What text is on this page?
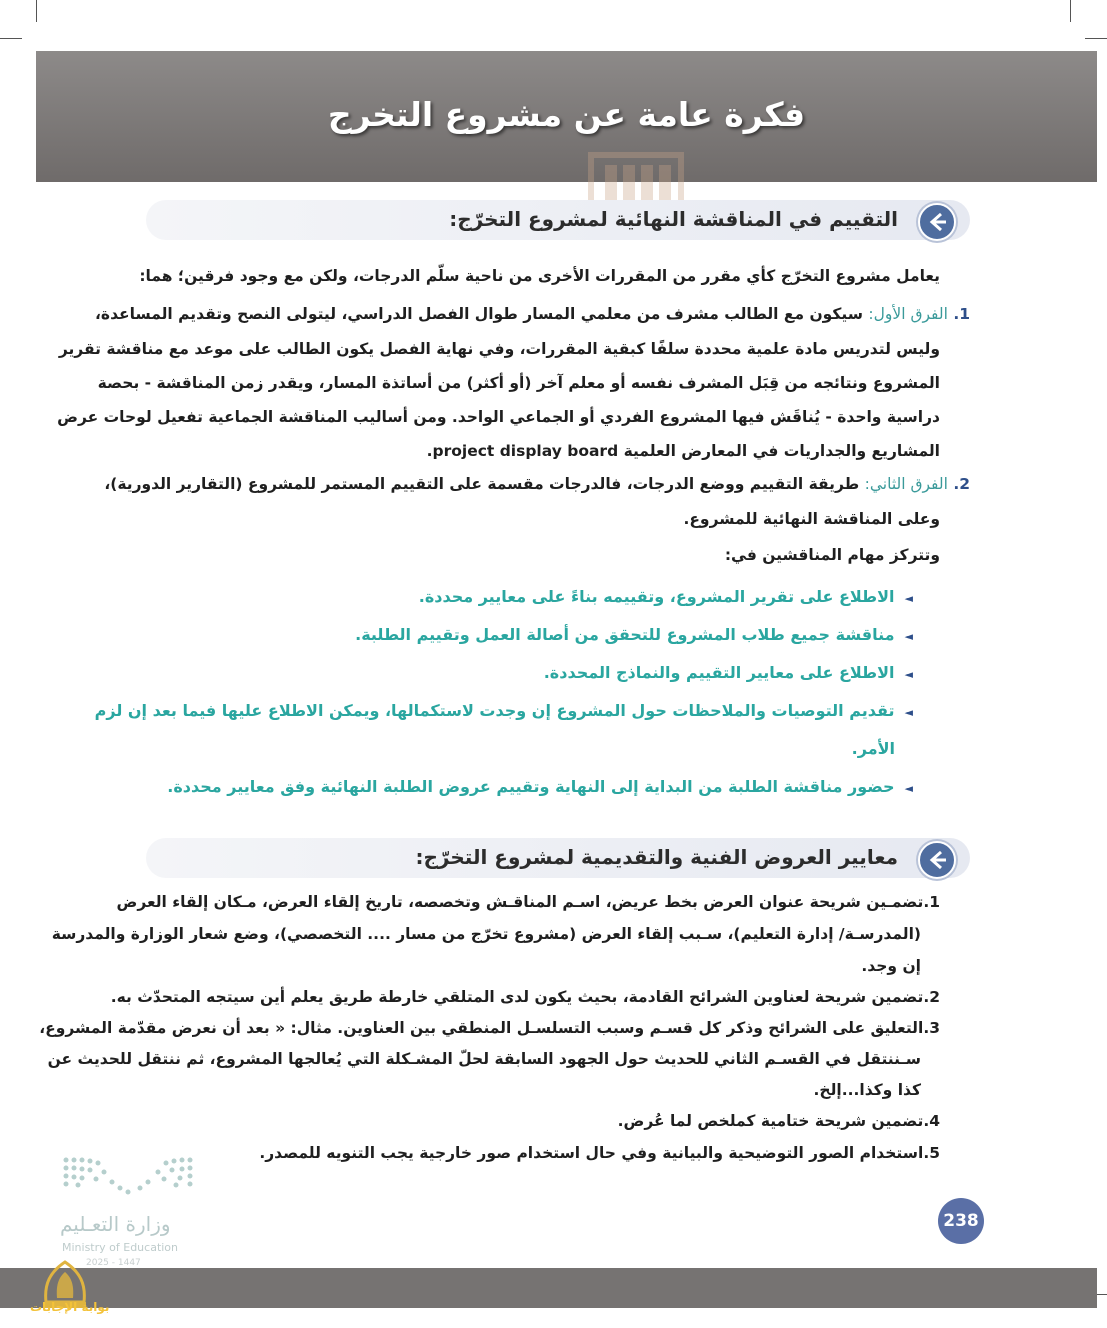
فكرة عامة عن مشروع التخرج
التقييم في المناقشة النهائية لمشروع التخرّج:
يعامل مشروع التخرّج كأي مقرر من المقررات الأخرى من ناحية سلّم الدرجات، ولكن مع وجود فرقين؛ هما:
1. الفرق الأول: سيكون مع الطالب مشرف من معلمي المسار طوال الفصل الدراسي، ليتولى النصح وتقديم المساعدة،
وليس لتدريس مادة علمية محددة سلفًا كبقية المقررات، وفي نهاية الفصل يكون الطالب على موعد مع مناقشة تقرير
المشروع ونتائجه من قِبَل المشرف نفسه أو معلم آخر (أو أكثر) من أساتذة المسار، ويقدر زمن المناقشة - بحصة
دراسية واحدة - يُناقَش فيها المشروع الفردي أو الجماعي الواحد. ومن أساليب المناقشة الجماعية تفعيل لوحات عرض
المشاريع والجداريات في المعارض العلمية project display board.
2. الفرق الثاني: طريقة التقييم ووضع الدرجات، فالدرجات مقسمة على التقييم المستمر للمشروع (التقارير الدورية)،
وعلى المناقشة النهائية للمشروع.
وتتركز مهام المناقشين في:
◄الاطلاع على تقرير المشروع، وتقييمه بناءً على معايير محددة.
◄مناقشة جميع طلاب المشروع للتحقق من أصالة العمل وتقييم الطلبة.
◄الاطلاع على معايير التقييم والنماذج المحددة.
◄تقديم التوصيات والملاحظات حول المشروع إن وجدت لاستكمالها، ويمكن الاطلاع عليها فيما بعد إن لزم
الأمر.
◄حضور مناقشة الطلبة من البداية إلى النهاية وتقييم عروض الطلبة النهائية وفق معايير محددة.
معايير العروض الفنية والتقديمية لمشروع التخرّج:
1.تضمـين شريحة عنوان العرض بخط عريض، اسـم المناقـش وتخصصه، تاريخ إلقاء العرض، مـكان إلقاء العرض
(المدرسـة/ إدارة التعليم)، سـبب إلقاء العرض (مشروع تخرّج من مسار .... التخصصي)، وضع شعار الوزارة والمدرسة
إن وجد.
2.تضمين شريحة لعناوين الشرائح القادمة، بحيث يكون لدى المتلقي خارطة طريق يعلم أين سيتجه المتحدّث به.
3.التعليق على الشرائح وذكر كل قسـم وسبب التسلسـل المنطقي بين العناوين. مثال: « بعد أن نعرض مقدّمة المشروع،
سـننتقل في القسـم الثاني للحديث حول الجهود السابقة لحلّ المشـكلة التي يُعالجها المشروع، ثم ننتقل للحديث عن
كذا وكذا...إلخ.
4.تضمين شريحة ختامية كملخص لما عُرض.
5.استخدام الصور التوضيحية والبيانية وفي حال استخدام صور خارجية يجب التنويه للمصدر.
وزارة التعـليم
Ministry of Education
2025 - 1447
238
بوابة الإجابات
